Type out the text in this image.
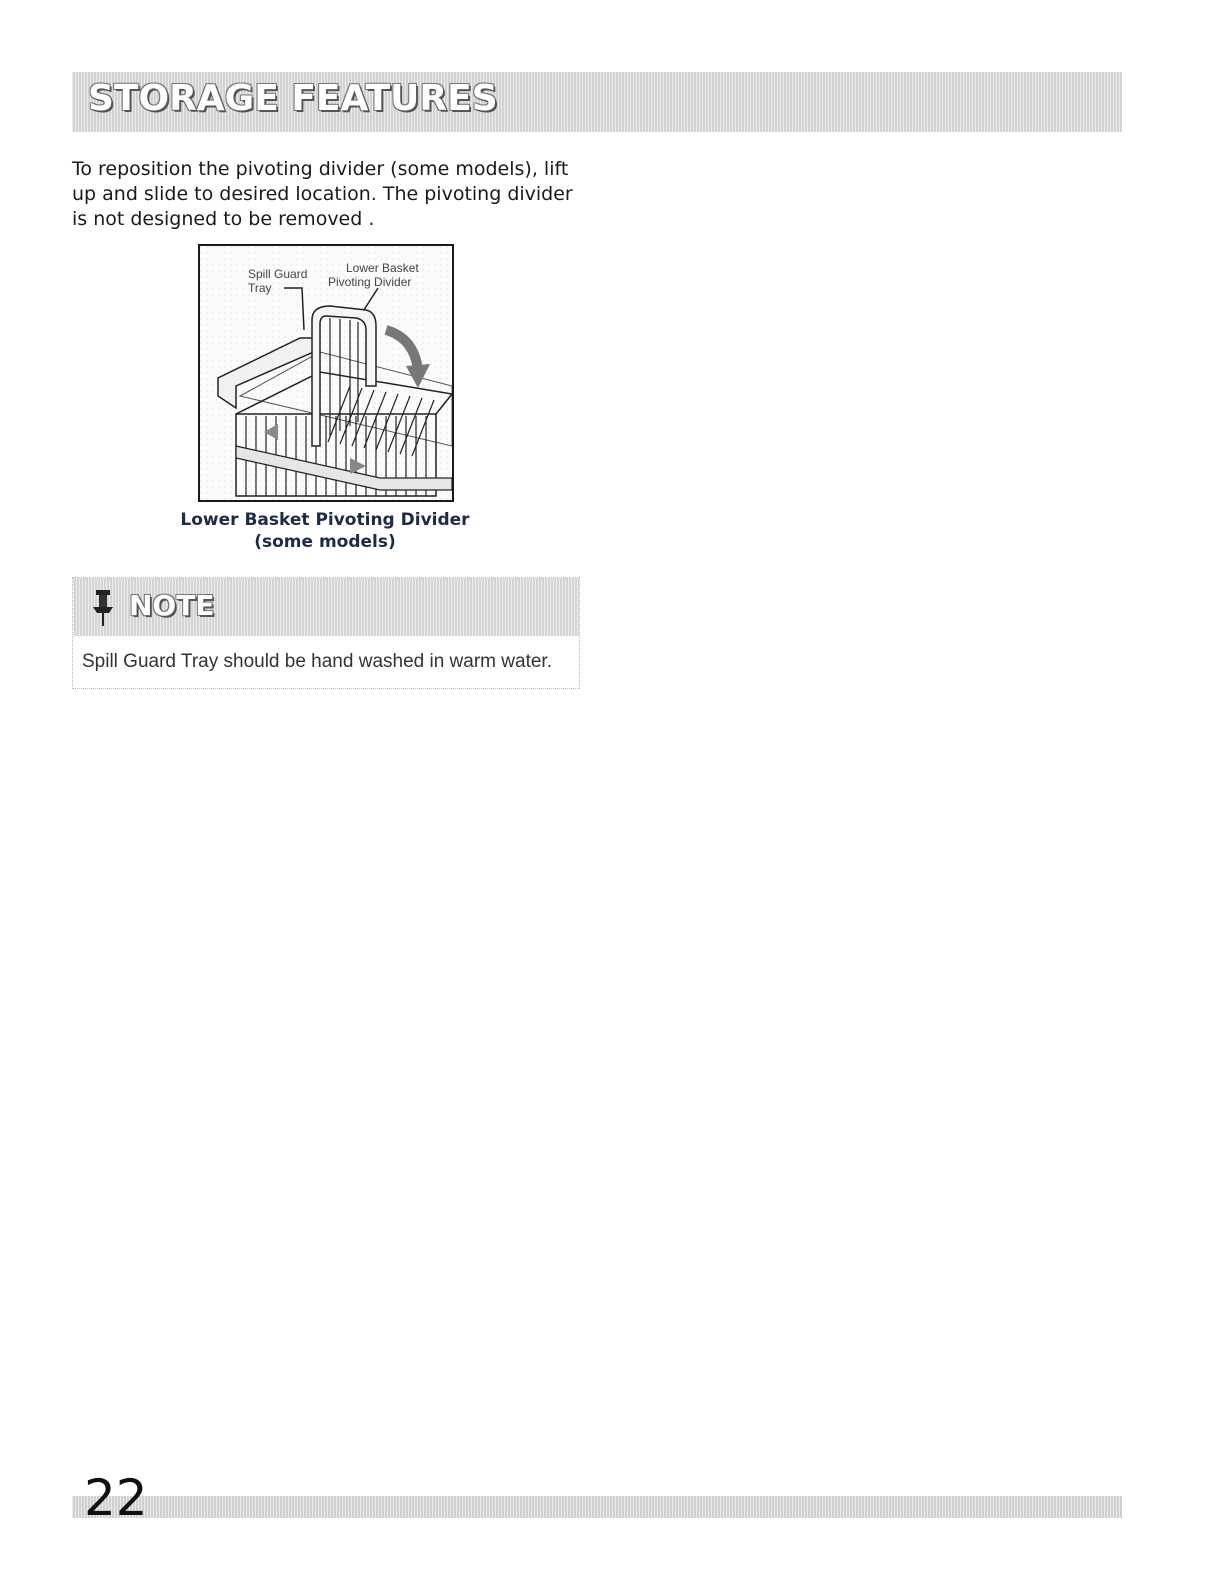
STORAGE FEATURES

To reposition the pivoting divider (some models), lift up and slide to desired location. The pivoting divider is not designed to be removed .

Spill Guard
Tray
Lower Basket
Pivoting Divider
Lower Basket Pivoting Divider
(some models)
NOTE

Spill Guard Tray should be hand washed in warm water.

22
